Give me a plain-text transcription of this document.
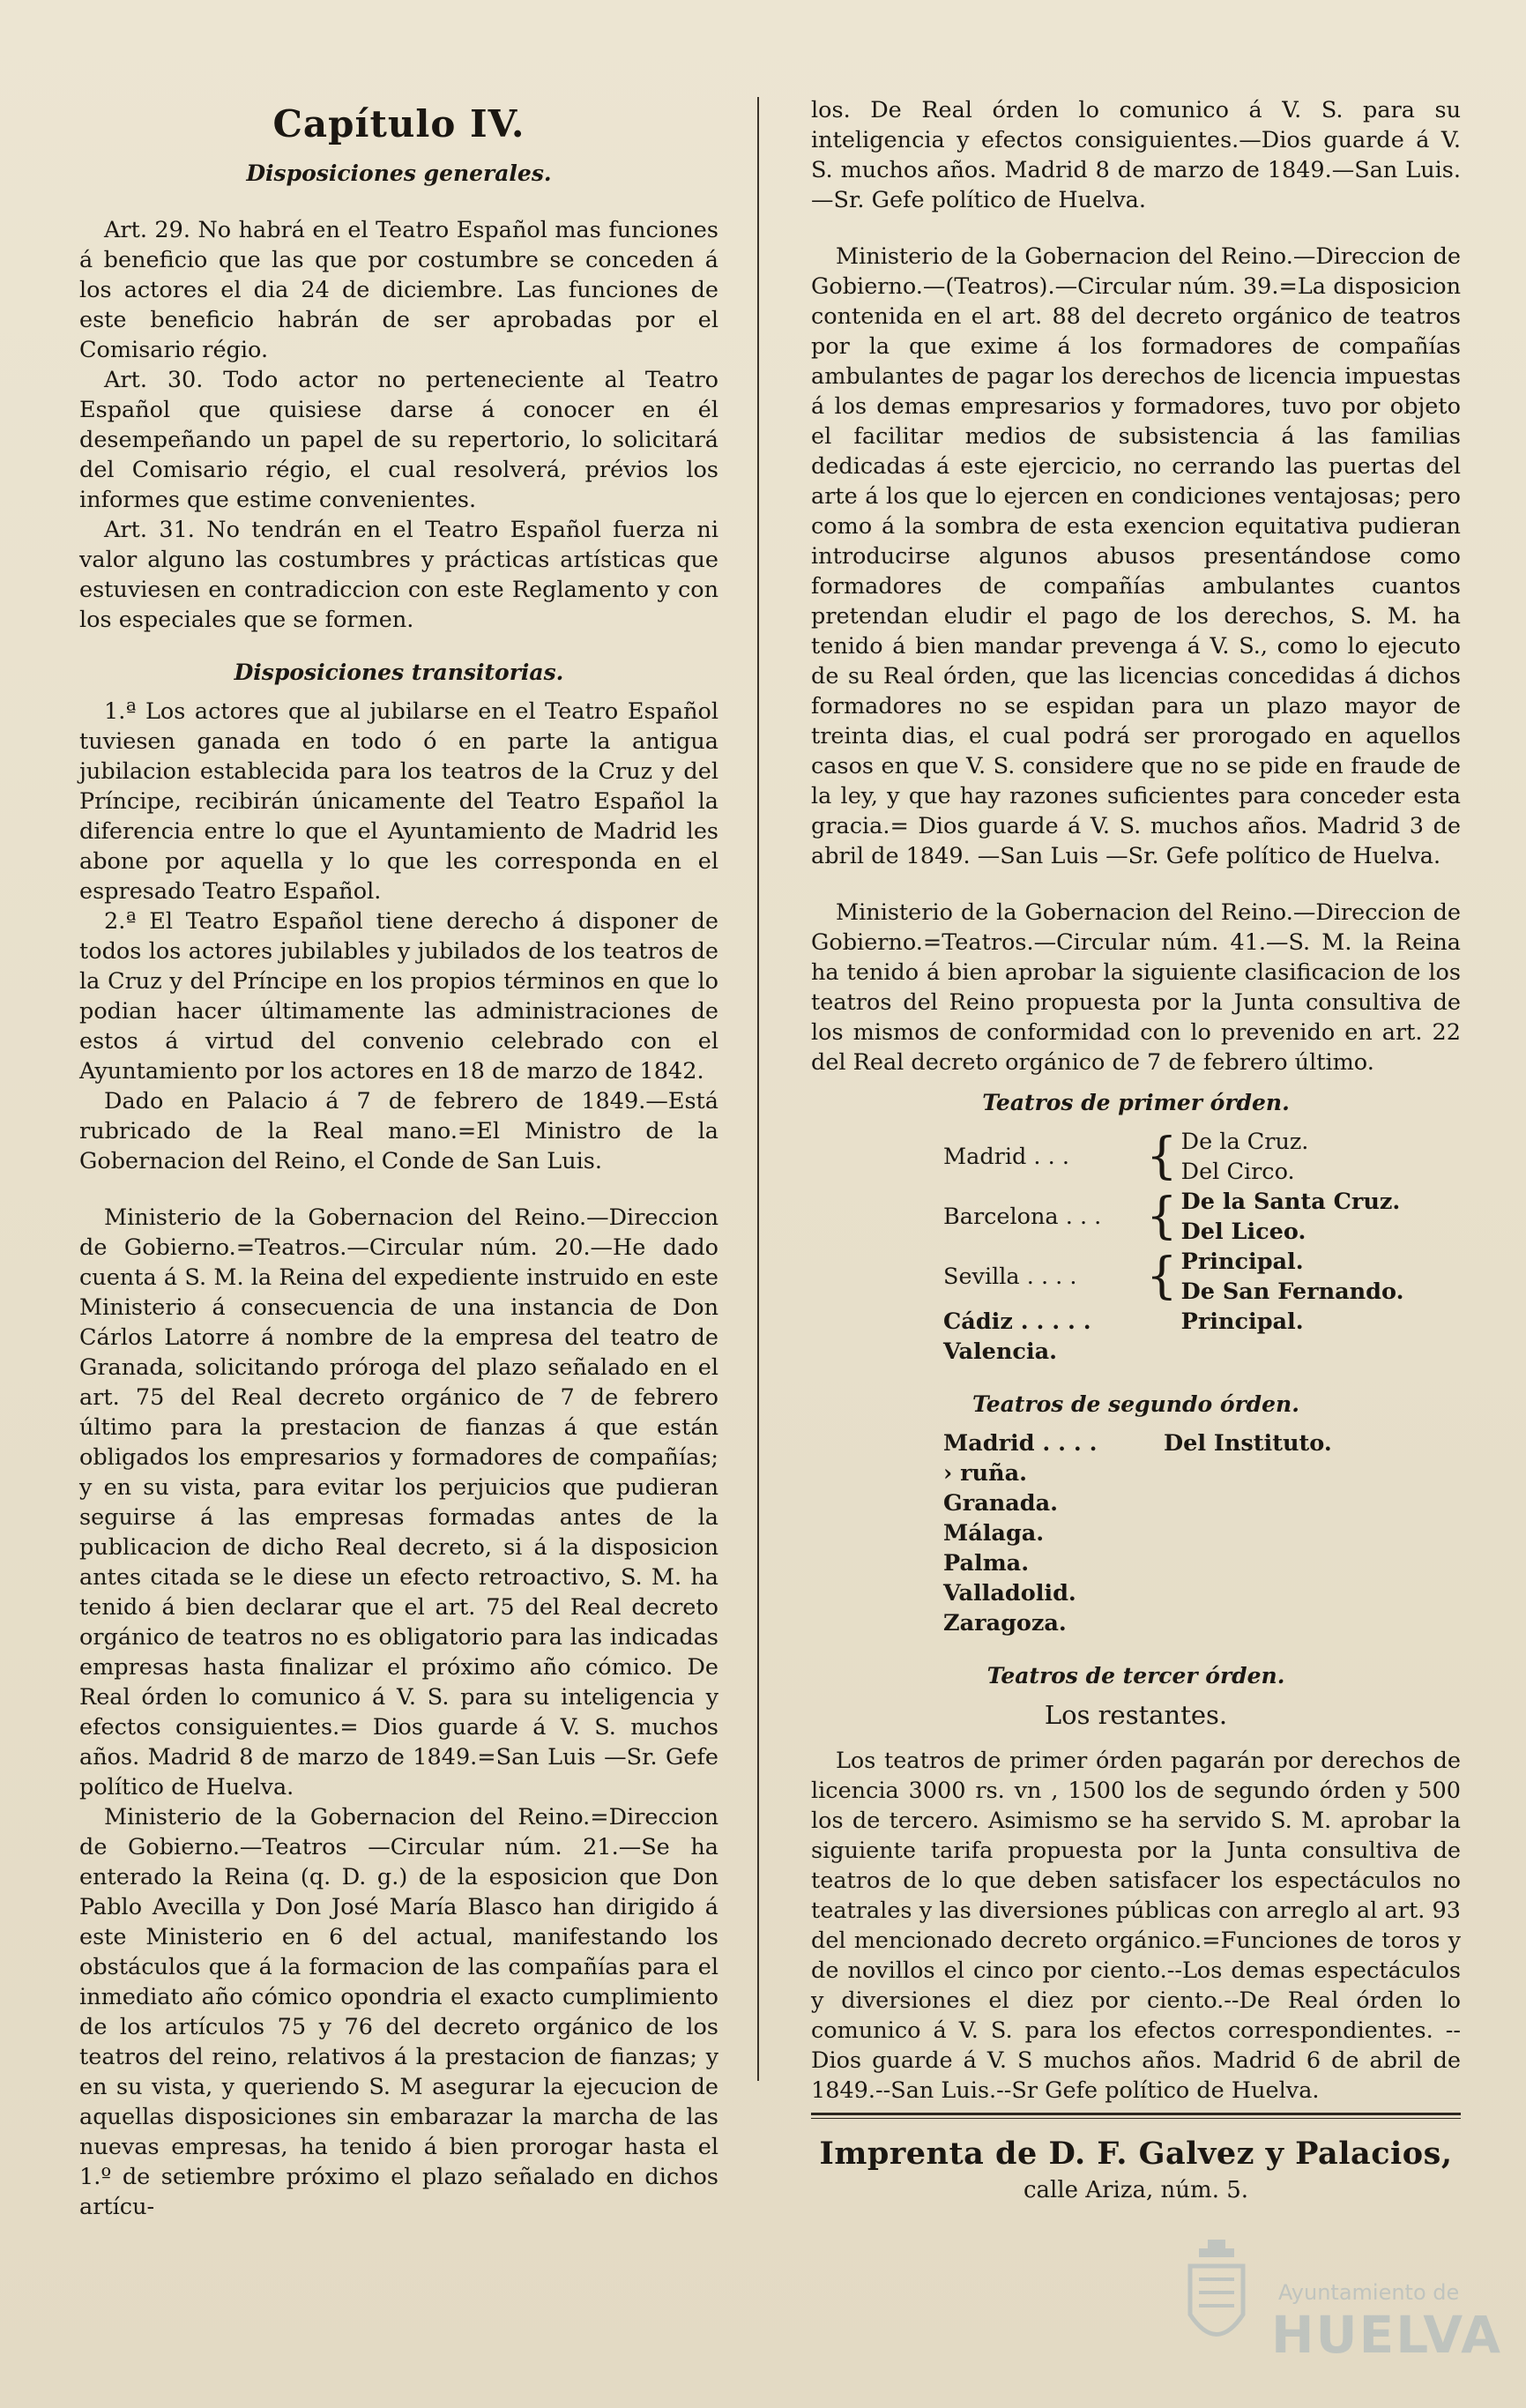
Capítulo IV.
Disposiciones generales.

Art. 29. No habrá en el Teatro Español mas funciones á beneficio que las que por costumbre se conceden á los actores el dia 24 de diciembre. Las funciones de este beneficio habrán de ser aprobadas por el Comisario régio.

Art. 30. Todo actor no perteneciente al Teatro Español que quisiese darse á conocer en él desempeñando un papel de su repertorio, lo solicitará del Comisario régio, el cual resolverá, prévios los informes que estime convenientes.

Art. 31. No tendrán en el Teatro Español fuerza ni valor alguno las costumbres y prácticas artísticas que estuviesen en contradiccion con este Reglamento y con los especiales que se formen.

Disposiciones transitorias.

1.ª Los actores que al jubilarse en el Teatro Español tuviesen ganada en todo ó en parte la antigua jubilacion establecida para los teatros de la Cruz y del Príncipe, recibirán únicamente del Teatro Español la diferencia entre lo que el Ayuntamiento de Madrid les abone por aquella y lo que les corresponda en el espresado Teatro Español.

2.ª El Teatro Español tiene derecho á disponer de todos los actores jubilables y jubilados de los teatros de la Cruz y del Príncipe en los propios términos en que lo podian hacer últimamente las administraciones de estos á virtud del convenio celebrado con el Ayuntamiento por los actores en 18 de marzo de 1842.

Dado en Palacio á 7 de febrero de 1849.—Está rubricado de la Real mano.=El Ministro de la Gobernacion del Reino, el Conde de San Luis.

Ministerio de la Gobernacion del Reino.—Direccion de Gobierno.=Teatros.—Circular núm. 20.—He dado cuenta á S. M. la Reina del expediente instruido en este Ministerio á consecuencia de una instancia de Don Cárlos Latorre á nombre de la empresa del teatro de Granada, solicitando próroga del plazo señalado en el art. 75 del Real decreto orgánico de 7 de febrero último para la prestacion de fianzas á que están obligados los empresarios y formadores de compañías; y en su vista, para evitar los perjuicios que pudieran seguirse á las empresas formadas antes de la publicacion de dicho Real decreto, si á la disposicion antes citada se le diese un efecto retroactivo, S. M. ha tenido á bien declarar que el art. 75 del Real decreto orgánico de teatros no es obligatorio para las indicadas empresas hasta finalizar el próximo año cómico. De Real órden lo comunico á V. S. para su inteligencia y efectos consiguientes.= Dios guarde á V. S. muchos años. Madrid 8 de marzo de 1849.=San Luis —Sr. Gefe político de Huelva.

Ministerio de la Gobernacion del Reino.=Direccion de Gobierno.—Teatros —Circular núm. 21.—Se ha enterado la Reina (q. D. g.) de la esposicion que Don Pablo Avecilla y Don José María Blasco han dirigido á este Ministerio en 6 del actual, manifestando los obstáculos que á la formacion de las compañías para el inmediato año cómico opondria el exacto cumplimiento de los artículos 75 y 76 del decreto orgánico de los teatros del reino, relativos á la prestacion de fianzas; y en su vista, y queriendo S. M asegurar la ejecucion de aquellas disposiciones sin embarazar la marcha de las nuevas empresas, ha tenido á bien prorogar hasta el 1.º de setiembre próximo el plazo señalado en dichos artícu-

los. De Real órden lo comunico á V. S. para su inteligencia y efectos consiguientes.—Dios guarde á V. S. muchos años. Madrid 8 de marzo de 1849.—San Luis. —Sr. Gefe político de Huelva.

Ministerio de la Gobernacion del Reino.—Direccion de Gobierno.—(Teatros).—Circular núm. 39.=La disposicion contenida en el art. 88 del decreto orgánico de teatros por la que exime á los formadores de compañías ambulantes de pagar los derechos de licencia impuestas á los demas empresarios y formadores, tuvo por objeto el facilitar medios de subsistencia á las familias dedicadas á este ejercicio, no cerrando las puertas del arte á los que lo ejercen en condiciones ventajosas; pero como á la sombra de esta exencion equitativa pudieran introducirse algunos abusos presentándose como formadores de compañías ambulantes cuantos pretendan eludir el pago de los derechos, S. M. ha tenido á bien mandar prevenga á V. S., como lo ejecuto de su Real órden, que las licencias concedidas á dichos formadores no se espidan para un plazo mayor de treinta dias, el cual podrá ser prorogado en aquellos casos en que V. S. considere que no se pide en fraude de la ley, y que hay razones suficientes para conceder esta gracia.= Dios guarde á V. S. muchos años. Madrid 3 de abril de 1849. —San Luis —Sr. Gefe político de Huelva.

Ministerio de la Gobernacion del Reino.—Direccion de Gobierno.=Teatros.—Circular núm. 41.—S. M. la Reina ha tenido á bien aprobar la siguiente clasificacion de los teatros del Reino propuesta por la Junta consultiva de los mismos de conformidad con lo prevenido en art. 22 del Real decreto orgánico de 7 de febrero último.

Teatros de primer órden.
Madrid . . .	{	De la Cruz.
Del Circo.

Barcelona . . .	{	De la Santa Cruz.
Del Liceo.

Sevilla . . . .	{	Principal.
De San Fernando.

Cádiz . . . . .		Principal.
Valencia.		
Teatros de segundo órden.
Madrid . . . .		Del Instituto.
› ruña.		
Granada.		
Málaga.		
Palma.		
Valladolid.		
Zaragoza.		
Teatros de tercer órden.
Los restantes.

Los teatros de primer órden pagarán por derechos de licencia 3000 rs. vn , 1500 los de segundo órden y 500 los de tercero. Asimismo se ha servido S. M. aprobar la siguiente tarifa propuesta por la Junta consultiva de teatros de lo que deben satisfacer los espectáculos no teatrales y las diversiones públicas con arreglo al art. 93 del mencionado decreto orgánico.=Funciones de toros y de novillos el cinco por ciento.--Los demas espectáculos y diversiones el diez por ciento.--De Real órden lo comunico á V. S. para los efectos correspondientes. --Dios guarde á V. S muchos años. Madrid 6 de abril de 1849.--San Luis.--Sr Gefe político de Huelva.

Imprenta de D. F. Galvez y Palacios,
calle Ariza, núm. 5.
Ayuntamiento de
HUELVA
